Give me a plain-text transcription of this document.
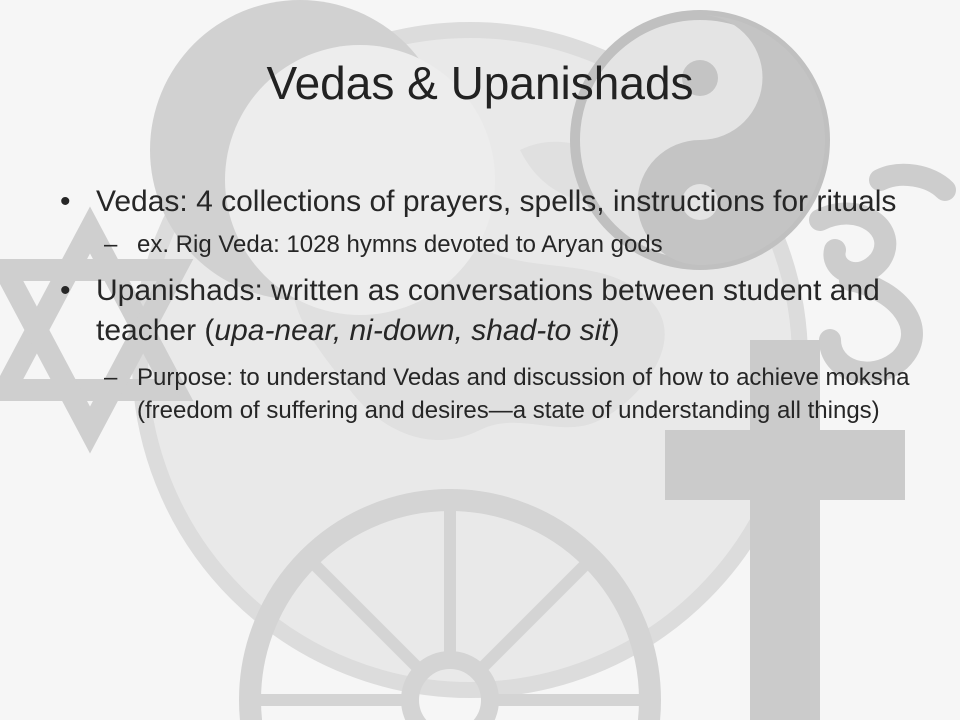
Vedas & Upanishads
• Vedas: 4 collections of prayers, spells, instructions for rituals
– ex. Rig Veda: 1028 hymns devoted to Aryan gods
• Upanishads: written as conversations between student and teacher (upa-near, ni-down, shad-to sit)
– Purpose: to understand Vedas and discussion of how to achieve moksha (freedom of suffering and desires—a state of understanding all things)
